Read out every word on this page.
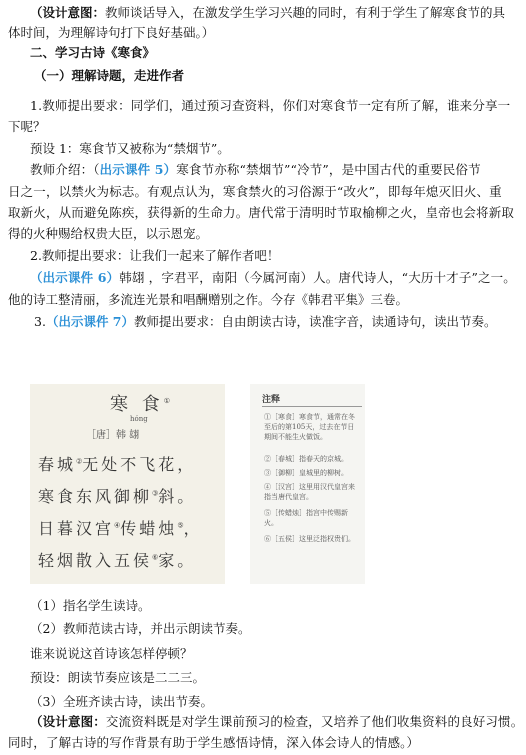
（设计意图：教师谈话导入，在激发学生学习兴趣的同时，有利于学生了解寒食节的具
体时间，为理解诗句打下良好基础。）
二、学习古诗《寒食》
（一）理解诗题，走进作者
1.教师提出要求：同学们，通过预习查资料，你们对寒食节一定有所了解，谁来分享一
下呢？
预设 1：寒食节又被称为“禁烟节”。
教师介绍：（出示课件 5）寒食节亦称“禁烟节”“冷节”，是中国古代的重要民俗节
日之一，以禁火为标志。有观点认为，寒食禁火的习俗源于“改火”，即每年熄灭旧火、重
取新火，从而避免陈疾，获得新的生命力。唐代常于清明时节取榆柳之火，皇帝也会将新取
得的火种赐给权贵大臣，以示恩宠。
2.教师提出要求：让我们一起来了解作者吧！
（出示课件 6）韩翃 ，字君平，南阳（今属河南）人。唐代诗人，“大历十才子”之一。
他的诗工整清丽，多流连光景和唱酬赠别之作。今存《韩君平集》三卷。
3.（出示课件 7）教师提出要求：自由朗读古诗，读准字音，读通诗句，读出节奏。
寒 食①
hóng
［唐］韩 翃
春城②无处不飞花，
寒食东风御柳③斜。
日暮汉宫④传蜡烛⑤，
轻烟散入五侯⑥家。
注释
①［寒食］寒食节，通常在冬至后的第105天，过去在节日期间不能生火做饭。
②［春城］指春天的京城。
③［御柳］皇城里的柳树。
④［汉宫］这里用汉代皇宫来指当唐代皇宫。
⑤［传蜡烛］指宫中传赐新火。
⑥［五侯］这里泛指权贵们。
（1）指名学生读诗。
（2）教师范读古诗，并出示朗读节奏。
谁来说说这首诗该怎样停顿？
预设：朗读节奏应该是二二三。
（3）全班齐读古诗，读出节奏。
（设计意图：交流资料既是对学生课前预习的检查，又培养了他们收集资料的良好习惯。
同时，了解古诗的写作背景有助于学生感悟诗情，深入体会诗人的情感。）
